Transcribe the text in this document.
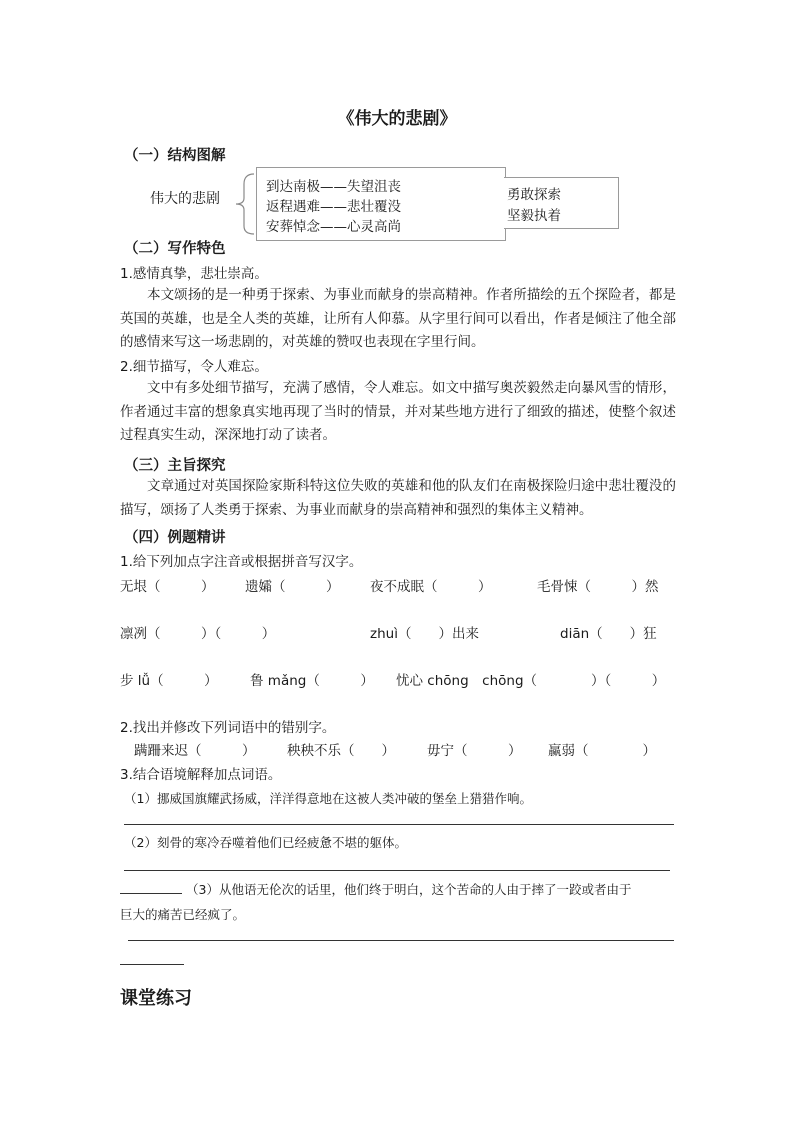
《伟大的悲剧》
（一）结构图解
伟大的悲剧
到达南极——失望沮丧
返程遇难——悲壮覆没
安葬悼念——心灵高尚
勇敢探索
坚毅执着
（二）写作特色
1.感情真挚，悲壮崇高。
本文颂扬的是一种勇于探索、为事业而献身的崇高精神。作者所描绘的五个探险者，都是英国的英雄，也是全人类的英雄，让所有人仰慕。从字里行间可以看出，作者是倾注了他全部的感情来写这一场悲剧的，对英雄的赞叹也表现在字里行间。
2.细节描写，令人难忘。
文中有多处细节描写，充满了感情，令人难忘。如文中描写奥茨毅然走向暴风雪的情形，作者通过丰富的想象真实地再现了当时的情景，并对某些地方进行了细致的描述，使整个叙述过程真实生动，深深地打动了读者。
（三）主旨探究
文章通过对英国探险家斯科特这位失败的英雄和他的队友们在南极探险归途中悲壮覆没的描写，颂扬了人类勇于探索、为事业而献身的崇高精神和强烈的集体主义精神。
（四）例题精讲
1.给下列加点字注音或根据拼音写汉字。
无垠（　　　） 遗孀（　　　） 夜不成眠（　　　）	毛骨悚（　　　）然
凛冽（　　　）（　　　）	zhuì（　　）出来	diān（　　）狂
步 lǚ（　　　） 鲁 mǎng（　　　） 忧心 chōng　chōng（　　　　）（　　　）
2.找出并修改下列词语中的错别字。
蹒跚来迟（　　　） 秧秧不乐（　　） 毋宁（　　　） 赢弱（　　　　）
3.结合语境解释加点词语。
（1）挪威国旗耀武扬威，洋洋得意地在这被人类冲破的堡垒上猎猎作响。
（2）刻骨的寒冷吞噬着他们已经疲惫不堪的躯体。
（3）从他语无伦次的话里，他们终于明白，这个苦命的人由于摔了一跤或者由于
巨大的痛苦已经疯了。
课堂练习
